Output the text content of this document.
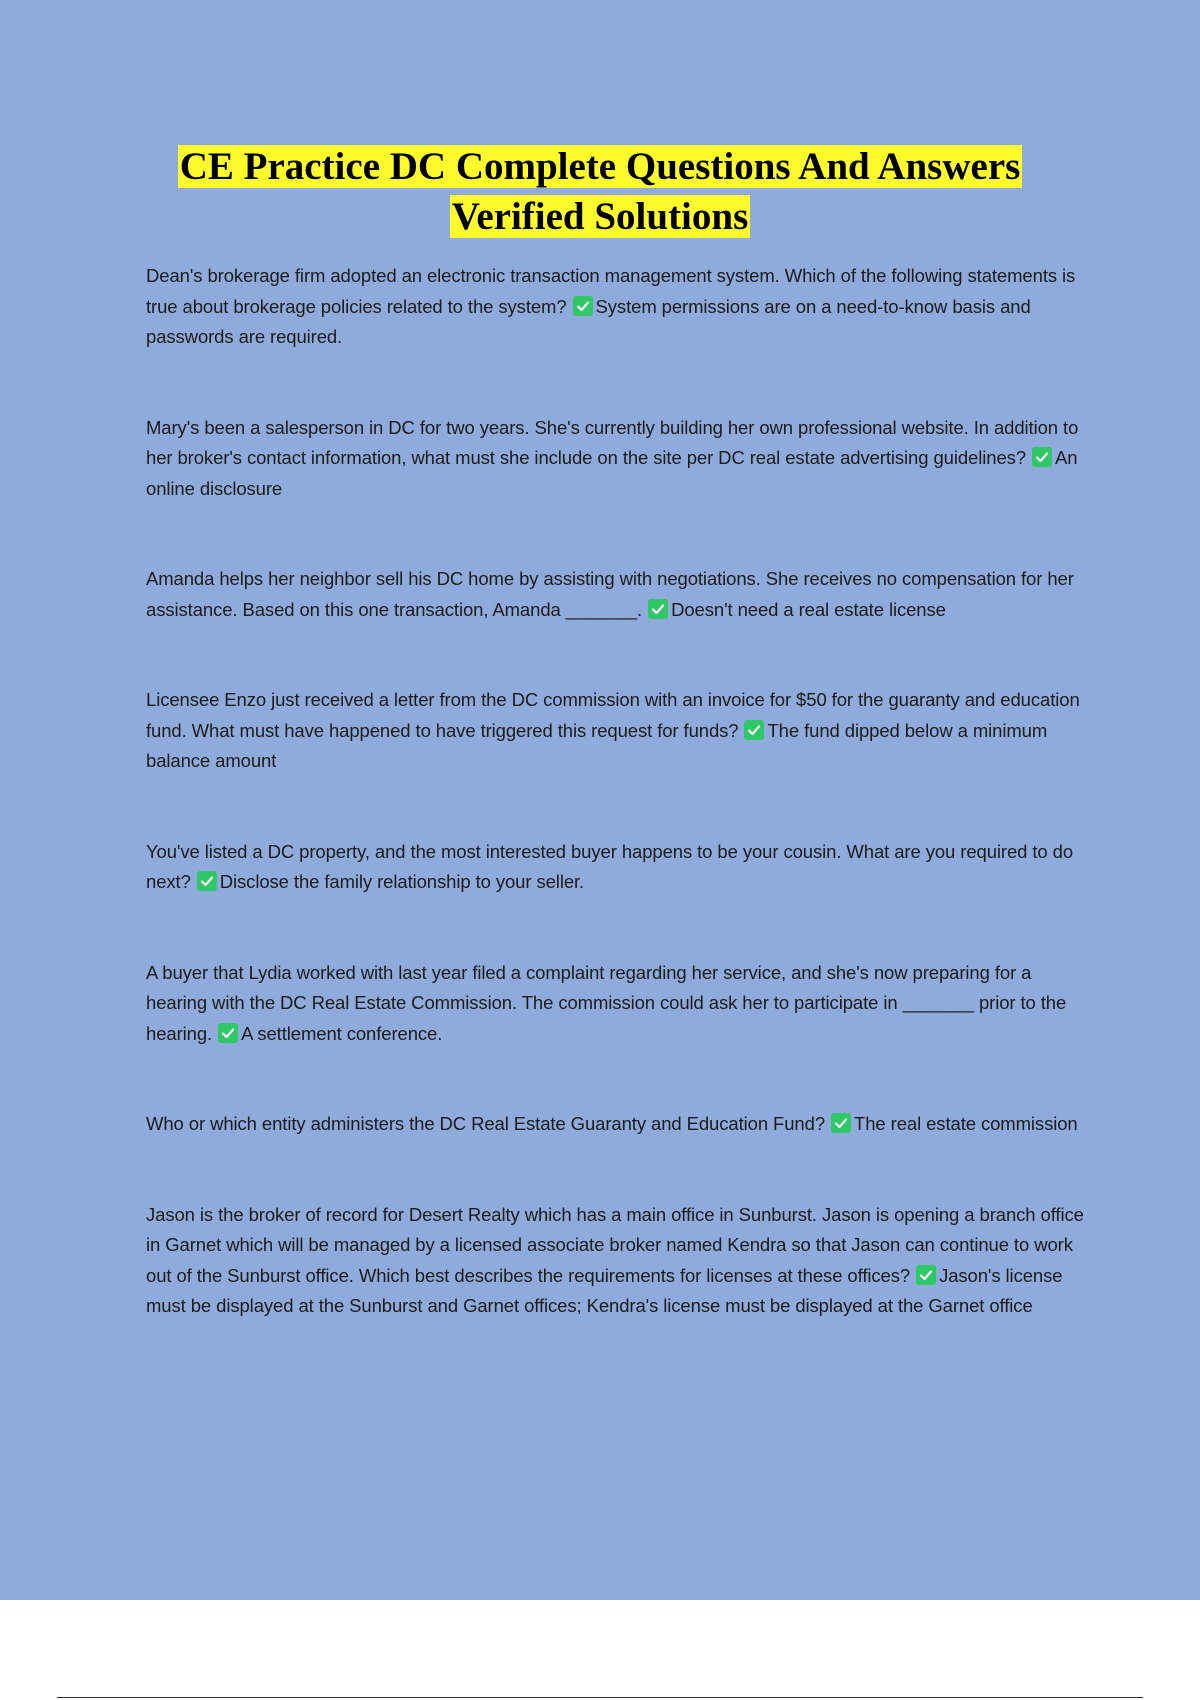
CE Practice DC Complete Questions And Answers
Verified Solutions

Dean's brokerage firm adopted an electronic transaction management system. Which of the following statements is true about brokerage policies related to the system? System permissions are on a need-to-know basis and passwords are required.

Mary's been a salesperson in DC for two years. She's currently building her own professional website. In addition to her broker's contact information, what must she include on the site per DC real estate advertising guidelines? An online disclosure

Amanda helps her neighbor sell his DC home by assisting with negotiations. She receives no compensation for her assistance. Based on this one transaction, Amanda _______. Doesn't need a real estate license

Licensee Enzo just received a letter from the DC commission with an invoice for $50 for the guaranty and education fund. What must have happened to have triggered this request for funds? The fund dipped below a minimum balance amount

You've listed a DC property, and the most interested buyer happens to be your cousin. What are you required to do next? Disclose the family relationship to your seller.

A buyer that Lydia worked with last year filed a complaint regarding her service, and she's now preparing for a hearing with the DC Real Estate Commission. The commission could ask her to participate in _______ prior to the hearing. A settlement conference.

Who or which entity administers the DC Real Estate Guaranty and Education Fund? The real estate commission

Jason is the broker of record for Desert Realty which has a main office in Sunburst. Jason is opening a branch office in Garnet which will be managed by a licensed associate broker named Kendra so that Jason can continue to work out of the Sunburst office. Which best describes the requirements for licenses at these offices? Jason's license must be displayed at the Sunburst and Garnet offices; Kendra's license must be displayed at the Garnet office
